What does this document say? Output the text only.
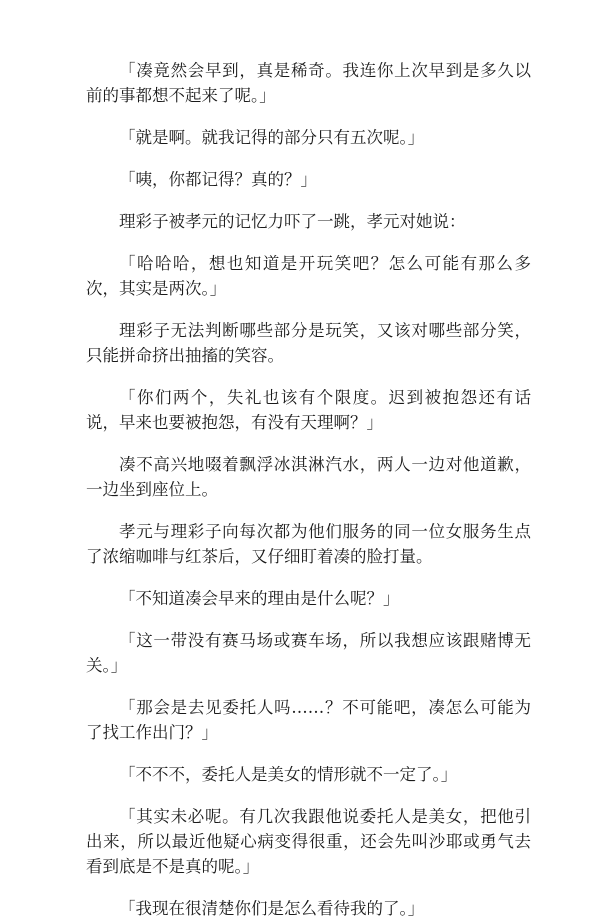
「凑竟然会早到，真是稀奇。我连你上次早到是多久以前的事都想不起来了呢。」

「就是啊。就我记得的部分只有五次呢。」

「咦，你都记得？真的？」

理彩子被孝元的记忆力吓了一跳，孝元对她说：

「哈哈哈，想也知道是开玩笑吧？怎么可能有那么多次，其实是两次。」

理彩子无法判断哪些部分是玩笑，又该对哪些部分笑，只能拼命挤出抽搐的笑容。

「你们两个，失礼也该有个限度。迟到被抱怨还有话说，早来也要被抱怨，有没有天理啊？」

凑不高兴地啜着飘浮冰淇淋汽水，两人一边对他道歉，一边坐到座位上。

孝元与理彩子向每次都为他们服务的同一位女服务生点了浓缩咖啡与红茶后，又仔细盯着凑的脸打量。

「不知道凑会早来的理由是什么呢？」

「这一带没有赛马场或赛车场，所以我想应该跟赌博无关。」

「那会是去见委托人吗……？不可能吧，凑怎么可能为了找工作出门？」

「不不不，委托人是美女的情形就不一定了。」

「其实未必呢。有几次我跟他说委托人是美女，把他引出来，所以最近他疑心病变得很重，还会先叫沙耶或勇气去看到底是不是真的呢。」

「我现在很清楚你们是怎么看待我的了。」
